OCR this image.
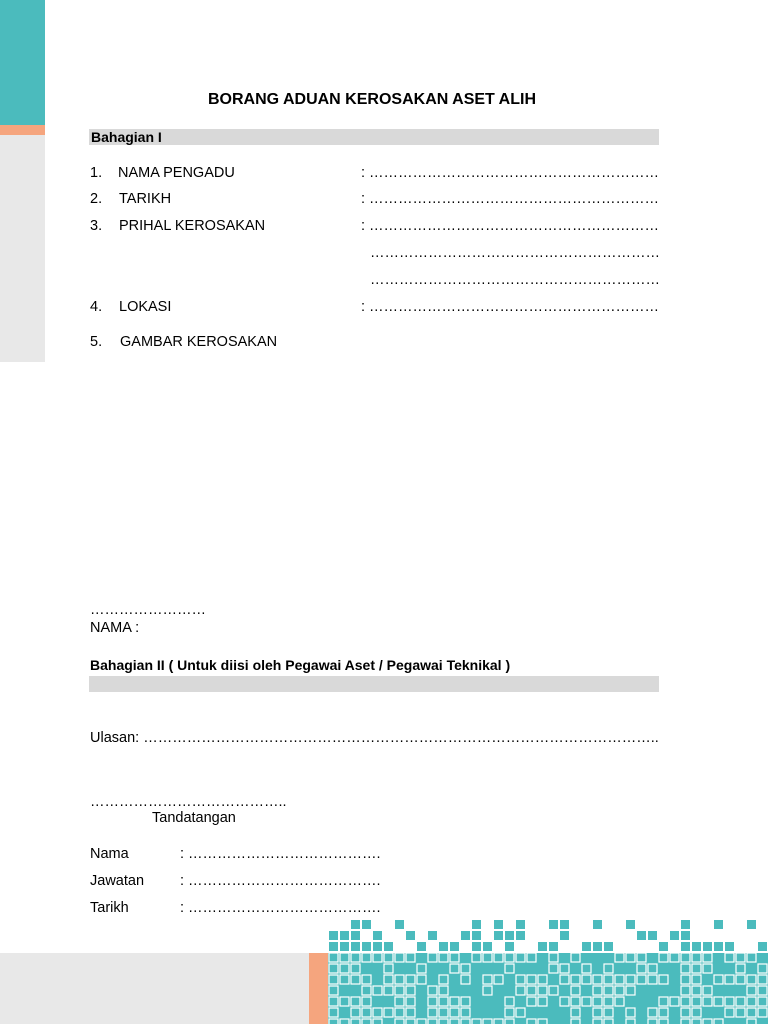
BORANG ADUAN KEROSAKAN ASET ALIH
Bahagian I
1. NAMA PENGADU	: ……………………………………………………
2. TARIKH	: ……………………………………………………
3. PRIHAL KEROSAKAN	: ……………………………………………………
……………………………………………………
……………………………………………………
4. LOKASI	: ……………………………………………………
5. GAMBAR KEROSAKAN
……………………
NAMA :
Bahagian II ( Untuk diisi oleh Pegawai Aset / Pegawai Teknikal )
Ulasan: ……………………………………………………………………………………………..
…………………………………..
Tandatangan
Nama	: ………………………………….
Jawatan : ………………………………….
Tarikh	: ………………………………….
